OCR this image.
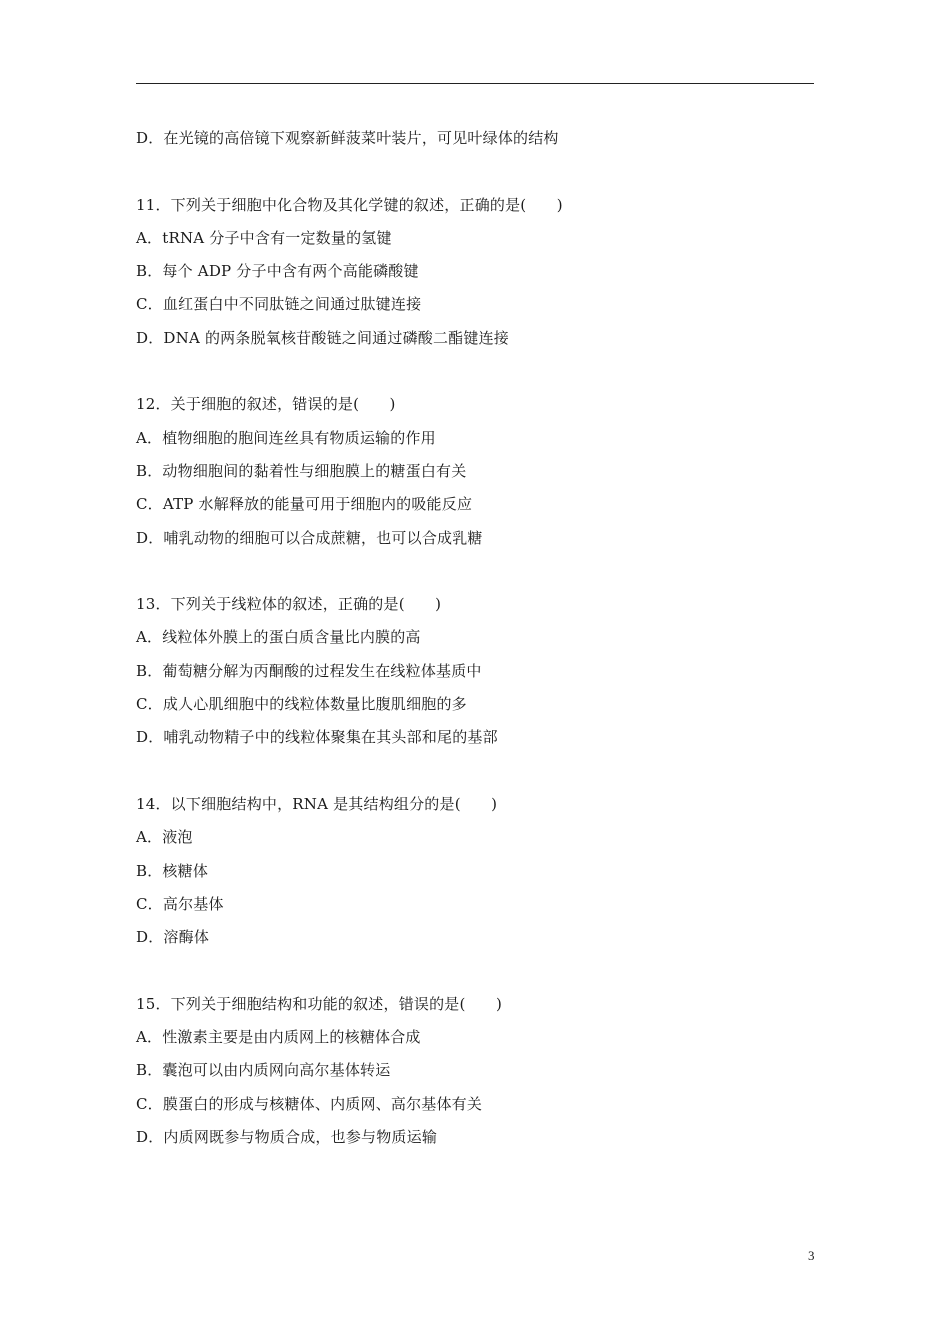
D．在光镜的高倍镜下观察新鲜菠菜叶装片，可见叶绿体的结构
11．下列关于细胞中化合物及其化学键的叙述，正确的是(　　)
A．tRNA 分子中含有一定数量的氢键
B．每个 ADP 分子中含有两个高能磷酸键
C．血红蛋白中不同肽链之间通过肽键连接
D．DNA 的两条脱氧核苷酸链之间通过磷酸二酯键连接
12．关于细胞的叙述，错误的是(　　)
A．植物细胞的胞间连丝具有物质运输的作用
B．动物细胞间的黏着性与细胞膜上的糖蛋白有关
C．ATP 水解释放的能量可用于细胞内的吸能反应
D．哺乳动物的细胞可以合成蔗糖，也可以合成乳糖
13．下列关于线粒体的叙述，正确的是(　　)
A．线粒体外膜上的蛋白质含量比内膜的高
B．葡萄糖分解为丙酮酸的过程发生在线粒体基质中
C．成人心肌细胞中的线粒体数量比腹肌细胞的多
D．哺乳动物精子中的线粒体聚集在其头部和尾的基部
14．以下细胞结构中，RNA 是其结构组分的是(　　)
A．液泡
B．核糖体
C．高尔基体
D．溶酶体
15．下列关于细胞结构和功能的叙述，错误的是(　　)
A．性激素主要是由内质网上的核糖体合成
B．囊泡可以由内质网向高尔基体转运
C．膜蛋白的形成与核糖体、内质网、高尔基体有关
D．内质网既参与物质合成，也参与物质运输
3
